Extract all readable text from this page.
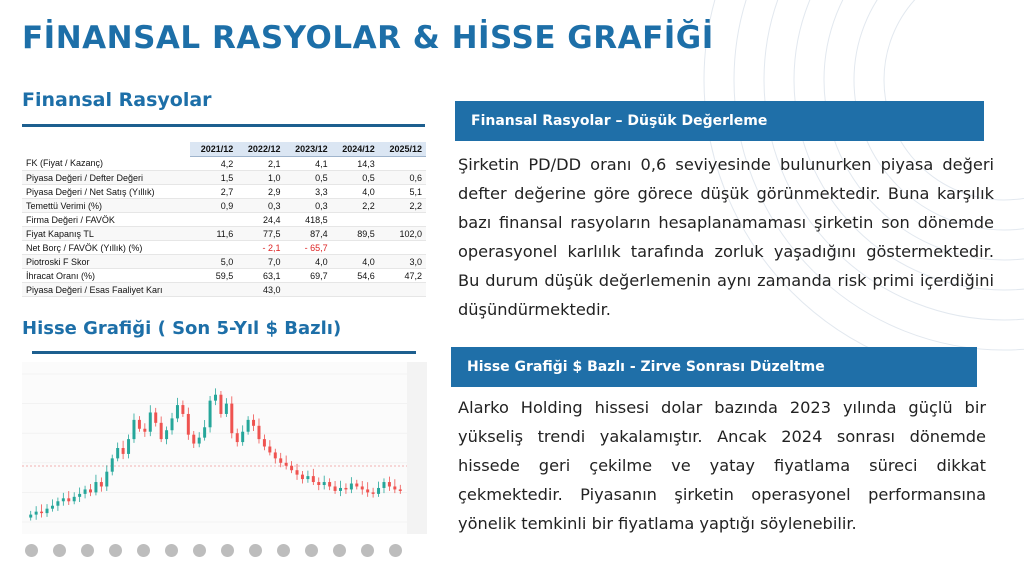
FİNANSAL RASYOLAR & HİSSE GRAFİĞİ
Finansal Rasyolar
	2021/12	2022/12	2023/12	2024/12	2025/12
FK (Fiyat / Kazanç)	4,2	2,1	4,1	14,3	
Piyasa Değeri / Defter Değeri	1,5	1,0	0,5	0,5	0,6
Piyasa Değeri / Net Satış (Yıllık)	2,7	2,9	3,3	4,0	5,1
Temettü Verimi (%)	0,9	0,3	0,3	2,2	2,2
Firma Değeri / FAVÖK		24,4	418,5		
Fiyat Kapanış TL	11,6	77,5	87,4	89,5	102,0
Net Borç / FAVÖK (Yıllık) (%)		- 2,1	- 65,7		
Piotroski F Skor	5,0	7,0	4,0	4,0	3,0
İhracat Oranı (%)	59,5	63,1	69,7	54,6	47,2
Piyasa Değeri / Esas Faaliyet Karı		43,0			
Hisse Grafiği ( Son 5-Yıl $ Bazlı)
Finansal Rasyolar – Düşük Değerleme
Şirketin PD/DD oranı 0,6 seviyesinde bulunurken piyasa değeri defter değerine göre görece düşük görünmektedir. Buna karşılık bazı finansal rasyoların hesaplanamaması şirketin son dönemde operasyonel karlılık tarafında zorluk yaşadığını göstermektedir. Bu durum düşük değerlemenin aynı zamanda risk primi içerdiğini düşündürmektedir.
Hisse Grafiği $ Bazlı - Zirve Sonrası Düzeltme
Alarko Holding hissesi dolar bazında 2023 yılında güçlü bir yükseliş trendi yakalamıştır. Ancak 2024 sonrası dönemde hissede geri çekilme ve yatay fiyatlama süreci dikkat çekmektedir. Piyasanın şirketin operasyonel performansına yönelik temkinli bir fiyatlama yaptığı söylenebilir.
